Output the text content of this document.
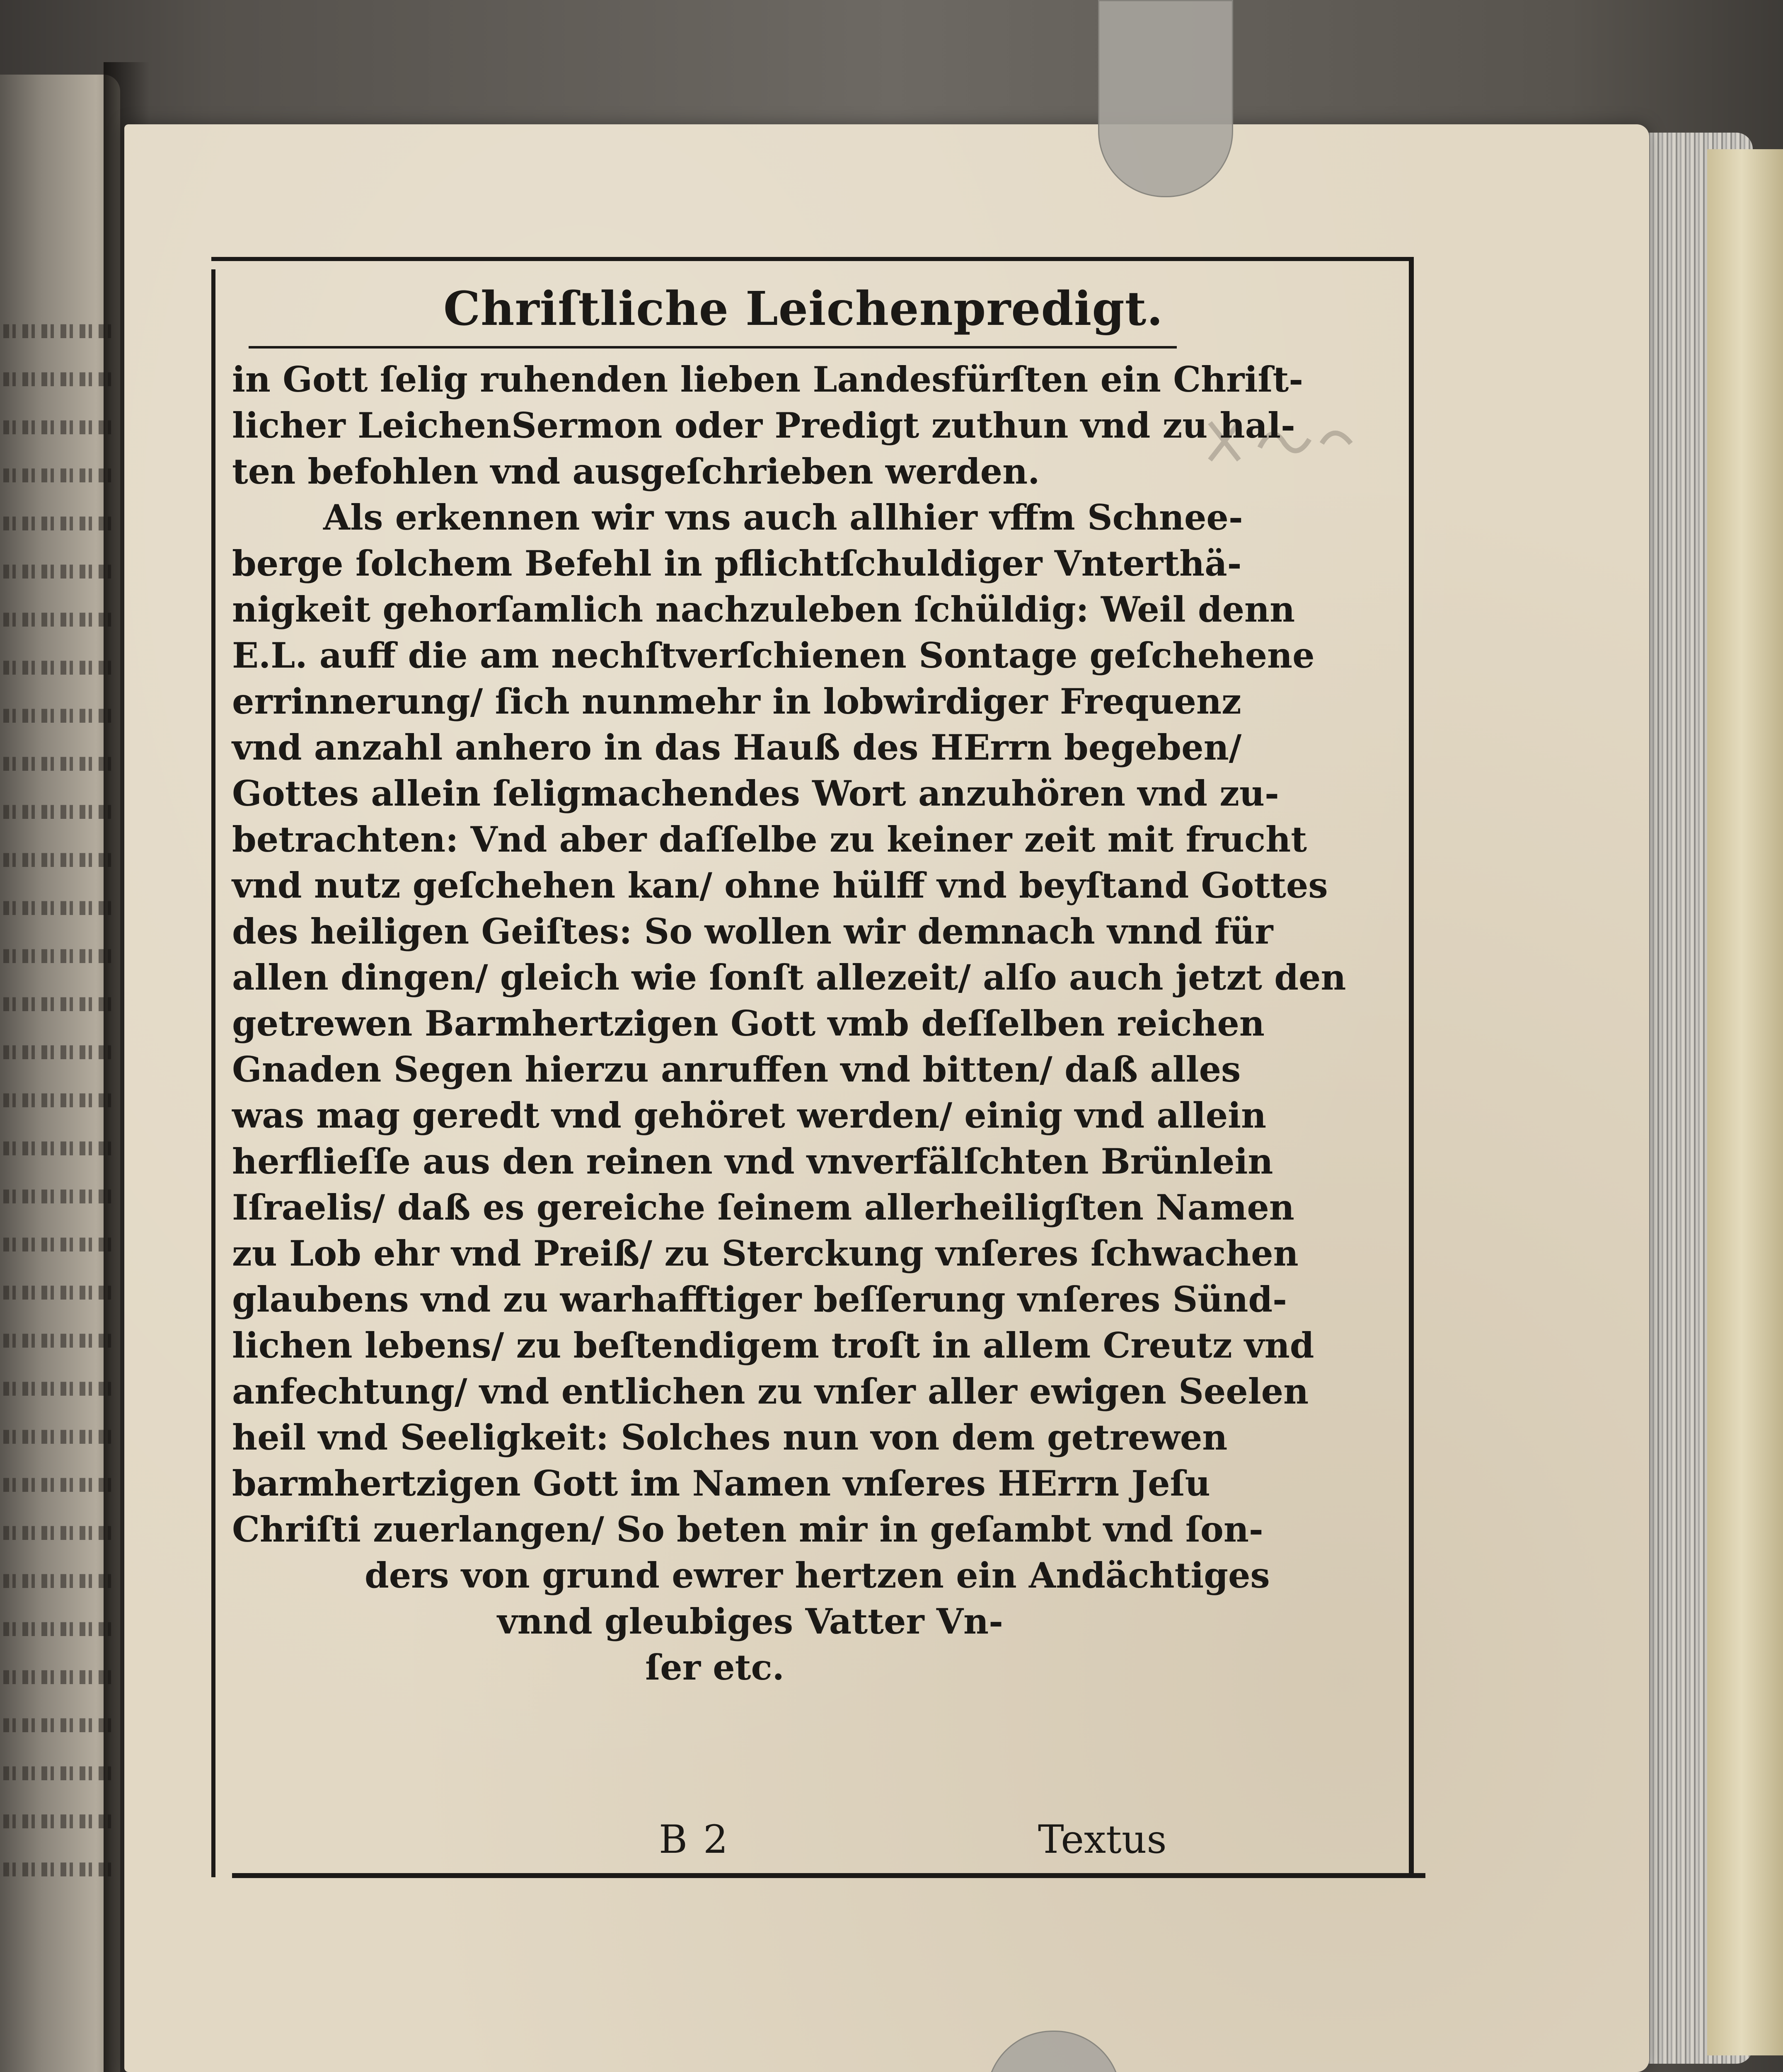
Chriſtliche Leichenpredigt.
in Gott ſelig ruhenden lieben Landesfürſten ein Chriſt-
licher LeichenSermon oder Predigt zuthun vnd zu hal-
ten befohlen vnd ausgeſchrieben werden.
Als erkennen wir vns auch allhier vffm Schnee-
berge ſolchem Befehl in pflichtſchuldiger Vnterthä-
nigkeit gehorſamlich nachzuleben ſchüldig: Weil denn
E.L. auff die am nechſtverſchienen Sontage geſchehene
errinnerung/ ſich nunmehr in lobwirdiger Frequenz
vnd anzahl anhero in das Hauß des HErrn begeben/
Gottes allein ſeligmachendes Wort anzuhören vnd zu-
betrachten: Vnd aber daſſelbe zu keiner zeit mit frucht
vnd nutz geſchehen kan/ ohne hülff vnd beyſtand Gottes
des heiligen Geiſtes: So wollen wir demnach vnnd für
allen dingen/ gleich wie ſonſt allezeit/ alſo auch jetzt den
getrewen Barmhertzigen Gott vmb deſſelben reichen
Gnaden Segen hierzu anruffen vnd bitten/ daß alles
was mag geredt vnd gehöret werden/ einig vnd allein
herflieſſe aus den reinen vnd vnverfälſchten Brünlein
Iſraelis/ daß es gereiche ſeinem allerheiligſten Namen
zu Lob ehr vnd Preiß/ zu Sterckung vnſeres ſchwachen
glaubens vnd zu warhafftiger beſſerung vnſeres Sünd-
lichen lebens/ zu beſtendigem troſt in allem Creutz vnd
anfechtung/ vnd entlichen zu vnſer aller ewigen Seelen
heil vnd Seeligkeit: Solches nun von dem getrewen
barmhertzigen Gott im Namen vnſeres HErrn Jeſu
Chriſti zuerlangen/ So beten mir in geſambt vnd ſon-
ders von grund ewrer hertzen ein Andächtiges
vnnd gleubiges Vatter Vn-
ſer etc.
B 2	Textus
